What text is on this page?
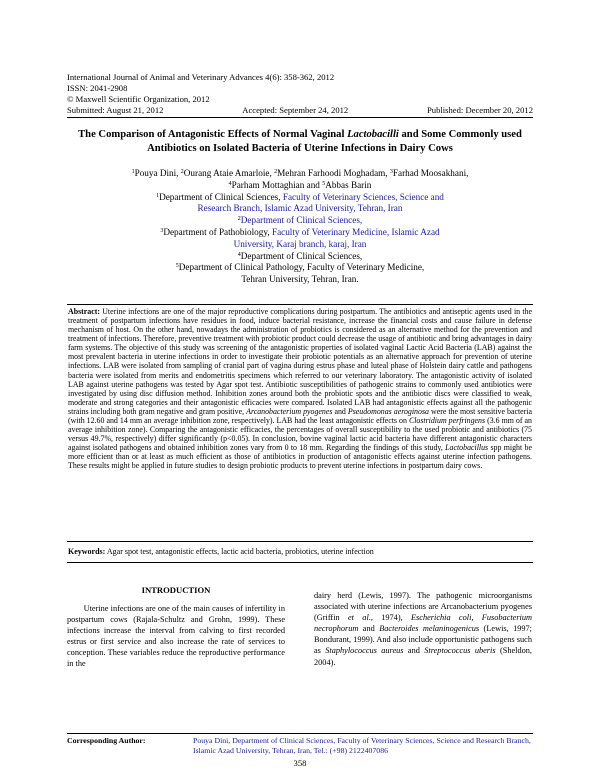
International Journal of Animal and Veterinary Advances 4(6): 358-362, 2012
ISSN: 2041-2908
© Maxwell Scientific Organization, 2012
Submitted: August 21, 2012	Accepted: September 24, 2012	Published: December 20, 2012
The Comparison of Antagonistic Effects of Normal Vaginal Lactobacilli and Some Commonly used Antibiotics on Isolated Bacteria of Uterine Infections in Dairy Cows
$^1$Pouya Dini, $^2$Ourang Ataie Amarloie, $^2$Mehran Farhoodi Moghadam, $^3$Farhad Moosakhani,
$^4$Parham Mottaghian and $^5$Abbas Barin
$^1$Department of Clinical Sciences, Faculty of Veterinary Sciences, Science and
Research Branch, Islamic Azad University, Tehran, Iran
$^2$Department of Clinical Sciences,
$^3$Department of Pathobiology, Faculty of Veterinary Medicine, Islamic Azad
University, Karaj branch, karaj, Iran
$^4$Department of Clinical Sciences,
$^5$Department of Clinical Pathology, Faculty of Veterinary Medicine,
Tehran University, Tehran, Iran.
Abstract: Uterine infections are one of the major reproductive complications during postpartum. The antibiotics and antiseptic agents used in the treatment of postpartum infections have residues in food, induce bacterial resistance, increase the financial costs and cause failure in defense mechanism of host. On the other hand, nowadays the administration of probiotics is considered as an alternative method for the prevention and treatment of infections. Therefore, preventive treatment with probiotic product could decrease the usage of antibiotic and bring advantages in dairy farm systems. The objective of this study was screening of the antagonistic properties of isolated vaginal Lactic Acid Bacteria (LAB) against the most prevalent bacteria in uterine infections in order to investigate their probiotic potentials as an alternative approach for prevention of uterine infections. LAB were isolated from sampling of cranial part of vagina during estrus phase and luteal phase of Holstein dairy cattle and pathogens bacteria were isolated from merits and endometritis specimens which referred to our veterinary laboratory. The antagonistic activity of isolated LAB against uterine pathogens was tested by Agar spot test. Antibiotic susceptibilities of pathogenic strains to commonly used antibiotics were investigated by using disc diffusion method. Inhibition zones around both the probiotic spots and the antibiotic discs were classified to weak, moderate and strong categories and their antagonistic efficacies were compared. Isolated LAB had antagonistic effects against all the pathogenic strains including both gram negative and gram positive, Arcanobacterium pyogenes and Pseudomonas aeroginosa were the most sensitive bacteria (with 12.60 and 14 mm an average inhibition zone, respectively). LAB had the least antagonistic effects on Clostridium perfringens (3.6 mm of an average inhibition zone). Comparing the antagonistic efficacies, the percentages of overall susceptibility to the used probiotic and antibiotics (75 versus 49.7%, respectively) differ significantly (p<0.05). In conclusion, bovine vaginal lactic acid bacteria have different antagonistic characters against isolated pathogens and obtained inhibition zones vary from 0 to 18 mm. Regarding the findings of this study, Lactobacillus spp might be more efficient than or at least as much efficient as those of antibiotics in production of antagonistic effects against uterine infection pathogens. These results might be applied in future studies to design probiotic products to prevent uterine infections in postpartum dairy cows.
Keywords: Agar spot test, antagonistic effects, lactic acid bacteria, probiotics, uterine infection
INTRODUCTION
  Uterine infections are one of the main causes of infertility in postpartum cows (Rajala-Schultz and Grohn, 1999). These infections increase the interval from calving to first recorded estrus or first service and also increase the rate of services to conception. These variables reduce the reproductive performance in the
dairy herd (Lewis, 1997). The pathogenic microorganisms associated with uterine infections are Arcanobacterium pyogenes (Griffin et al., 1974), Escherichia coli, Fusobacterium necrophorum and Bacteroides melaninogenicus (Lewis, 1997; Bondurant, 1999). And also include opportunistic pathogens such as Staphylococcus aureus and Streptococcus uberis (Sheldon, 2004).
Corresponding Author:	Pouya Dini, Department of Clinical Sciences, Faculty of Veterinary Sciences, Science and Research Branch, Islamic Azad University, Tehran, Iran, Tel.: (+98) 2122407086
358
